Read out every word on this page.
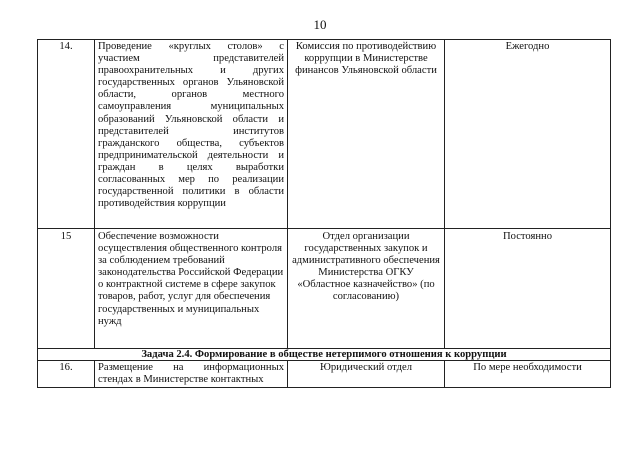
10
14.	Проведение «круглых столов» с участием представителей правоохранительных и других государственных органов Ульяновской области, органов местного самоуправления муниципальных образований Ульяновской области и представителей институтов гражданского общества, субъектов предпринимательской деятельности и граждан в целях выработки согласованных мер по реализации государственной политики в области противодействия коррупции	Комиссия по противодействию коррупции в Министерстве финансов Ульяновской области	Ежегодно
15	Обеспечение возможности осуществления общественного контроля за соблюдением требований законодательства Российской Федерации о контрактной системе в сфере закупок товаров, работ, услуг для обеспечения государственных и муниципальных нужд	Отдел организации государственных закупок и административного обеспечения Министерства ОГКУ «Областное казначейство» (по согласованию)	Постоянно
Задача 2.4. Формирование в обществе нетерпимого отношения к коррупции			
16.	Размещение на информационных стендах в Министерстве контактных	Юридический отдел	По мере необходимости
